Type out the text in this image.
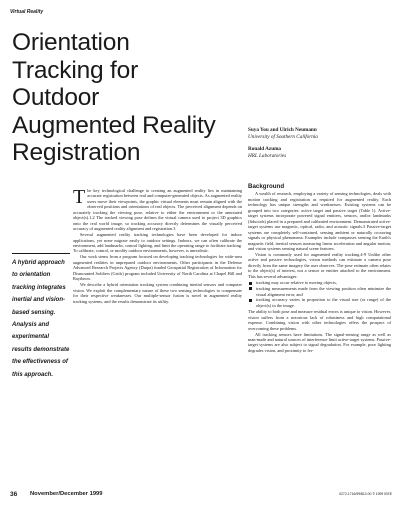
Virtual Reality
Orientation
Tracking for
Outdoor
Augmented Reality
Registration
Suya You and Ulrich Neumann
University of Southern California
Ronald Azuma
HRL Laboratories
A hybrid approach to orientation tracking integrates inertial and vision-based sensing. Analysis and experimental results demonstrate the effectiveness of this approach.

The key technological challenge to creating an augmented reality lies in maintaining accurate registration between real and computer-generated objects. As augmented reality users move their viewpoints, the graphic virtual elements must remain aligned with the observed positions and orientations of real objects. The perceived alignment depends on accurately tracking the viewing pose, relative to either the environment or the annotated object(s).1,2 The tracked viewing pose defines the virtual camera used to project 3D graphics onto the real world image, so tracking accuracy directly determines the visually perceived accuracy of augmented reality alignment and registration.3

Several augmented reality tracking technologies have been developed for indoor applications, yet none migrate easily to outdoor settings. Indoors, we can often calibrate the environment, add landmarks, control lighting, and limit the operating range to facilitate tracking. To calibrate, control, or modify outdoor environments, however, is unrealistic.

Our work stems from a program focused on developing tracking technologies for wide-area augmented realities in unprepared outdoor environments. Other participants in the Defense Advanced Research Projects Agency (Darpa) funded Geospatial Registration of Information for Dismounted Soldiers (Grids) program included University of North Carolina at Chapel Hill and Raytheon.

We describe a hybrid orientation tracking system combining inertial sensors and computer vision. We exploit the complementary nature of these two sensing technologies to compensate for their respective weaknesses. Our multiple-sensor fusion is novel in augmented reality tracking systems, and the results demonstrate its utility.

Background

A wealth of research, employing a variety of sensing technologies, deals with motion tracking and registration as required for augmented reality. Each technology has unique strengths and weaknesses. Existing systems can be grouped into two categories: active target and passive target (Table 1). Active-target systems incorporate powered signal emitters, sensors, and/or landmarks (fiducials) placed in a prepared and calibrated environment. Demonstrated active-target systems use magnetic, optical, radio, and acoustic signals.3 Passive-target systems are completely self-contained, sensing ambient or naturally occurring signals or physical phenomena. Examples include compasses sensing the Earth's magnetic field, inertial sensors measuring linear acceleration and angular motion, and vision systems sensing natural scene features.

Vision is commonly used for augmented reality tracking.4-9 Unlike other active and passive technologies, vision methods can estimate a camera pose directly from the same imagery the user observes. The pose estimate often relates to the object(s) of interest, not a sensor or emitter attached to the environment. This has several advantages:

tracking may occur relative to moving objects,
tracking measurements made from the viewing position often minimize the visual alignment error, and
tracking accuracy varies in proportion to the visual size (or range) of the object(s) in the image.

The ability to both pose and measure residual errors is unique to vision. However, vision suffers from a notorious lack of robustness and high computational expense. Combining vision with other technologies offers the prospect of overcoming these problems.

All tracking sensors have limitations. The signal-sensing range as well as man-made and natural sources of interference limit active-target systems. Passive-target systems are also subject to signal degradation. For example, poor lighting degrades vision, and proximity to fer-

36 November/December 1999	0272-1716/99/$10.00 © 1999 IEEE
